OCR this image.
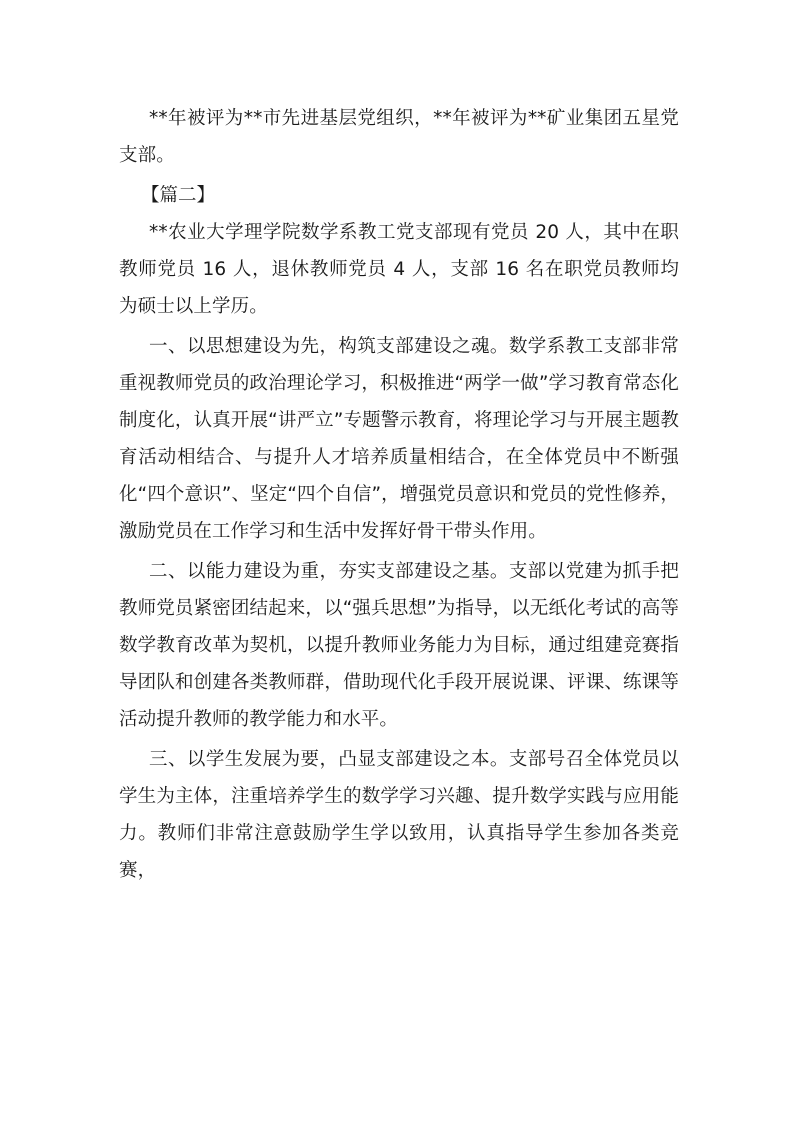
**年被评为**市先进基层党组织，**年被评为**矿业集团五星党支部。

【篇二】

**农业大学理学院数学系教工党支部现有党员 20 人，其中在职教师党员 16 人，退休教师党员 4 人，支部 16 名在职党员教师均为硕士以上学历。

一、以思想建设为先，构筑支部建设之魂。数学系教工支部非常重视教师党员的政治理论学习，积极推进“两学一做”学习教育常态化制度化，认真开展“讲严立”专题警示教育，将理论学习与开展主题教育活动相结合、与提升人才培养质量相结合，在全体党员中不断强化“四个意识”、坚定“四个自信”，增强党员意识和党员的党性修养，激励党员在工作学习和生活中发挥好骨干带头作用。

二、以能力建设为重，夯实支部建设之基。支部以党建为抓手把教师党员紧密团结起来，以“强兵思想”为指导，以无纸化考试的高等数学教育改革为契机，以提升教师业务能力为目标，通过组建竞赛指导团队和创建各类教师群，借助现代化手段开展说课、评课、练课等活动提升教师的教学能力和水平。

三、以学生发展为要，凸显支部建设之本。支部号召全体党员以学生为主体，注重培养学生的数学学习兴趣、提升数学实践与应用能力。教师们非常注意鼓励学生学以致用，认真指导学生参加各类竞赛，
